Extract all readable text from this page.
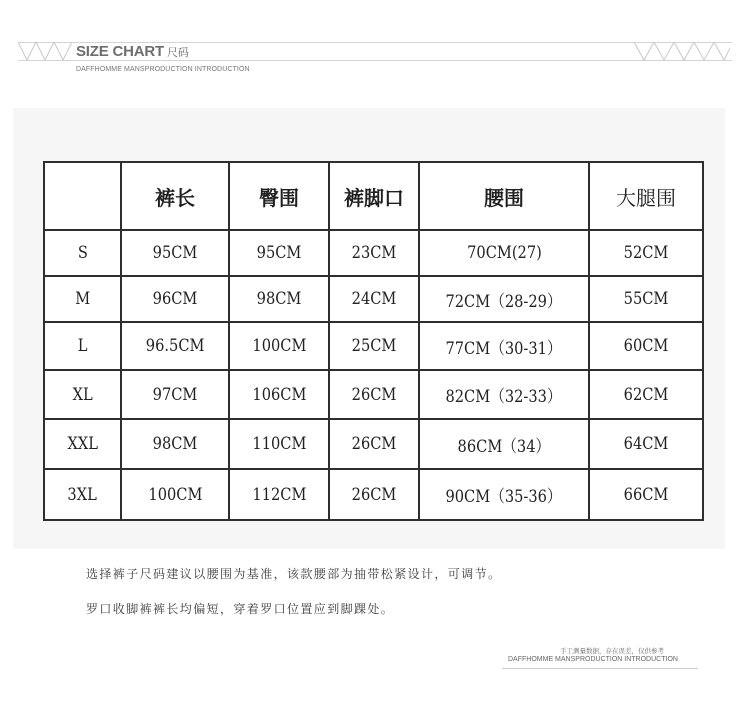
SIZE CHART 尺码
DAFFHOMME MANSPRODUCTION INTRODUCTION
	裤长	臀围	裤脚口	腰围	大腿围
S	95CM	95CM	23CM	70CM(27)	52CM
M	96CM	98CM	24CM	72CM（28-29）	55CM
L	96.5CM	100CM	25CM	77CM（30-31）	60CM
XL	97CM	106CM	26CM	82CM（32-33）	62CM
XXL	98CM	110CM	26CM	86CM（34）	64CM
3XL	100CM	112CM	26CM	90CM（35-36）	66CM
选择裤子尺码建议以腰围为基准，该款腰部为抽带松紧设计，可调节。
罗口收脚裤裤长均偏短，穿着罗口位置应到脚踝处。
手工测量数据，存在误差，仅供参考
DAFFHOMME MANSPRODUCTION INTRODUCTION
